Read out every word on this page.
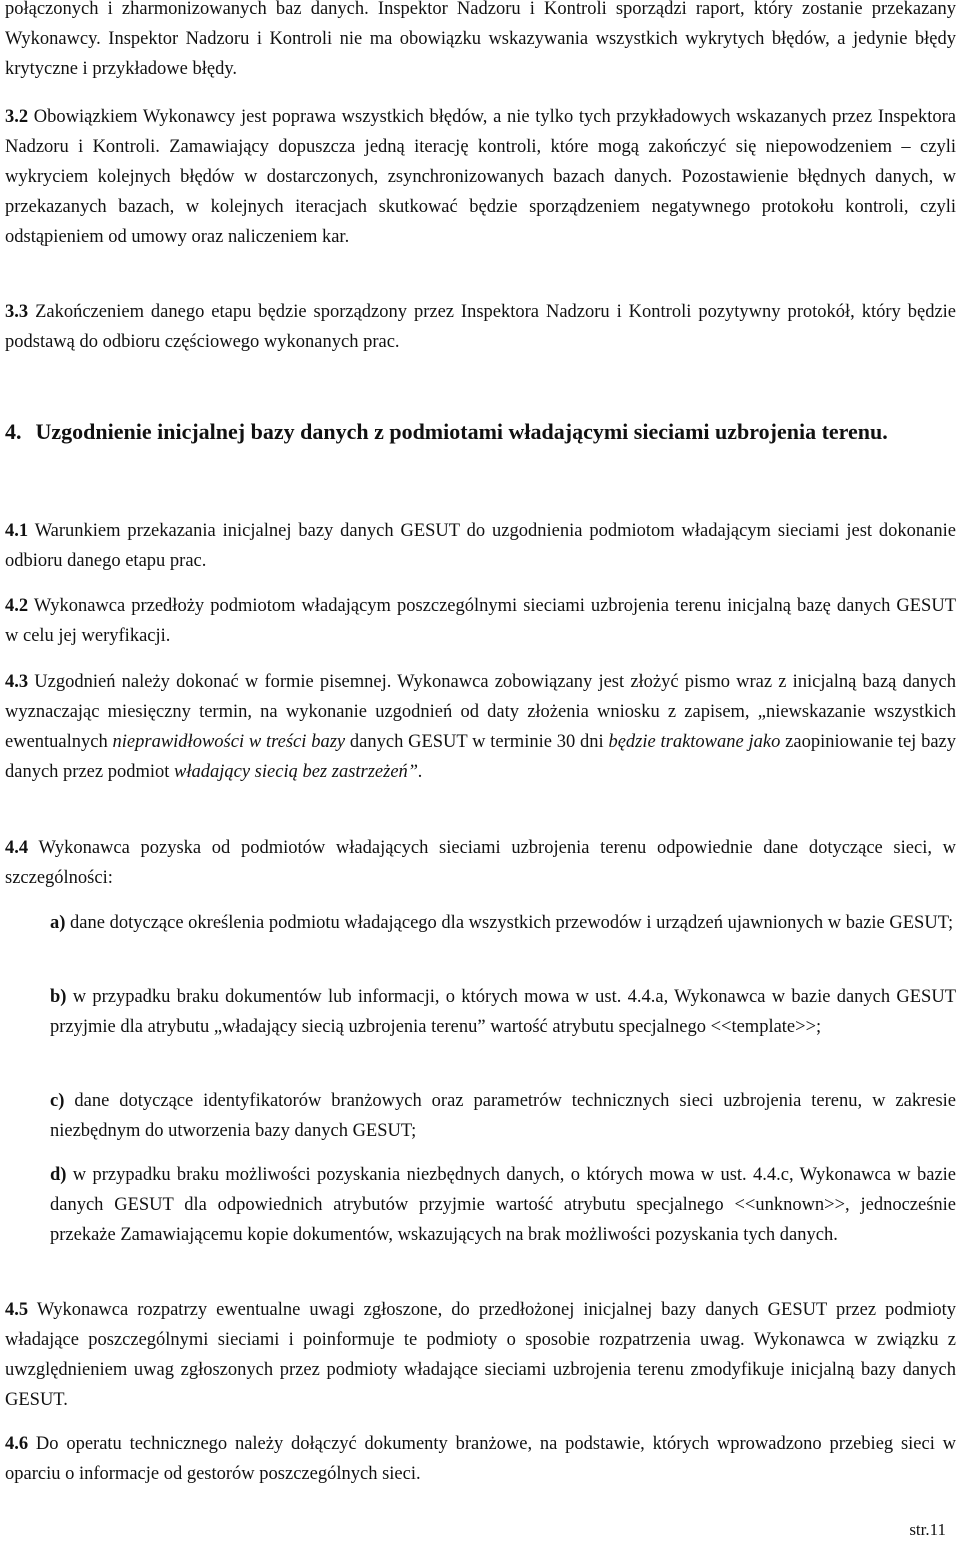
połączonych i zharmonizowanych baz danych. Inspektor Nadzoru i Kontroli sporządzi raport, który zostanie przekazany Wykonawcy. Inspektor Nadzoru i Kontroli nie ma obowiązku wskazywania wszystkich wykrytych błędów, a jedynie błędy krytyczne i przykładowe błędy.

3.2 Obowiązkiem Wykonawcy jest poprawa wszystkich błędów, a nie tylko tych przykładowych wskazanych przez Inspektora Nadzoru i Kontroli. Zamawiający dopuszcza jedną iterację kontroli, które mogą zakończyć się niepowodzeniem – czyli wykryciem kolejnych błędów w dostarczonych, zsynchronizowanych bazach danych. Pozostawienie błędnych danych, w przekazanych bazach, w kolejnych iteracjach skutkować będzie sporządzeniem negatywnego protokołu kontroli, czyli odstąpieniem od umowy oraz naliczeniem kar.

3.3 Zakończeniem danego etapu będzie sporządzony przez Inspektora Nadzoru i Kontroli pozytywny protokół, który będzie podstawą do odbioru częściowego wykonanych prac.

4. Uzgodnienie inicjalnej bazy danych z podmiotami władającymi sieciami uzbrojenia terenu.

4.1 Warunkiem przekazania inicjalnej bazy danych GESUT do uzgodnienia podmiotom władającym sieciami jest dokonanie odbioru danego etapu prac.

4.2 Wykonawca przedłoży podmiotom władającym poszczególnymi sieciami uzbrojenia terenu inicjalną bazę danych GESUT w celu jej weryfikacji.

4.3 Uzgodnień należy dokonać w formie pisemnej. Wykonawca zobowiązany jest złożyć pismo wraz z inicjalną bazą danych wyznaczając miesięczny termin, na wykonanie uzgodnień od daty złożenia wniosku z zapisem, „niewskazanie wszystkich ewentualnych nieprawidłowości w treści bazy danych GESUT w terminie 30 dni będzie traktowane jako zaopiniowanie tej bazy danych przez podmiot władający siecią bez zastrzeżeń”.

4.4 Wykonawca pozyska od podmiotów władających sieciami uzbrojenia terenu odpowiednie dane dotyczące sieci, w szczególności:

a) dane dotyczące określenia podmiotu władającego dla wszystkich przewodów i urządzeń ujawnionych w bazie GESUT;

b) w przypadku braku dokumentów lub informacji, o których mowa w ust. 4.4.a, Wykonawca w bazie danych GESUT przyjmie dla atrybutu „władający siecią uzbrojenia terenu” wartość atrybutu specjalnego <<template>>;

c) dane dotyczące identyfikatorów branżowych oraz parametrów technicznych sieci uzbrojenia terenu, w zakresie niezbędnym do utworzenia bazy danych GESUT;

d) w przypadku braku możliwości pozyskania niezbędnych danych, o których mowa w ust. 4.4.c, Wykonawca w bazie danych GESUT dla odpowiednich atrybutów przyjmie wartość atrybutu specjalnego <<unknown>>, jednocześnie przekaże Zamawiającemu kopie dokumentów, wskazujących na brak możliwości pozyskania tych danych.

4.5 Wykonawca rozpatrzy ewentualne uwagi zgłoszone, do przedłożonej inicjalnej bazy danych GESUT przez podmioty władające poszczególnymi sieciami i poinformuje te podmioty o sposobie rozpatrzenia uwag. Wykonawca w związku z uwzględnieniem uwag zgłoszonych przez podmioty władające sieciami uzbrojenia terenu zmodyfikuje inicjalną bazy danych GESUT.

4.6 Do operatu technicznego należy dołączyć dokumenty branżowe, na podstawie, których wprowadzono przebieg sieci w oparciu o informacje od gestorów poszczególnych sieci.

str.11
